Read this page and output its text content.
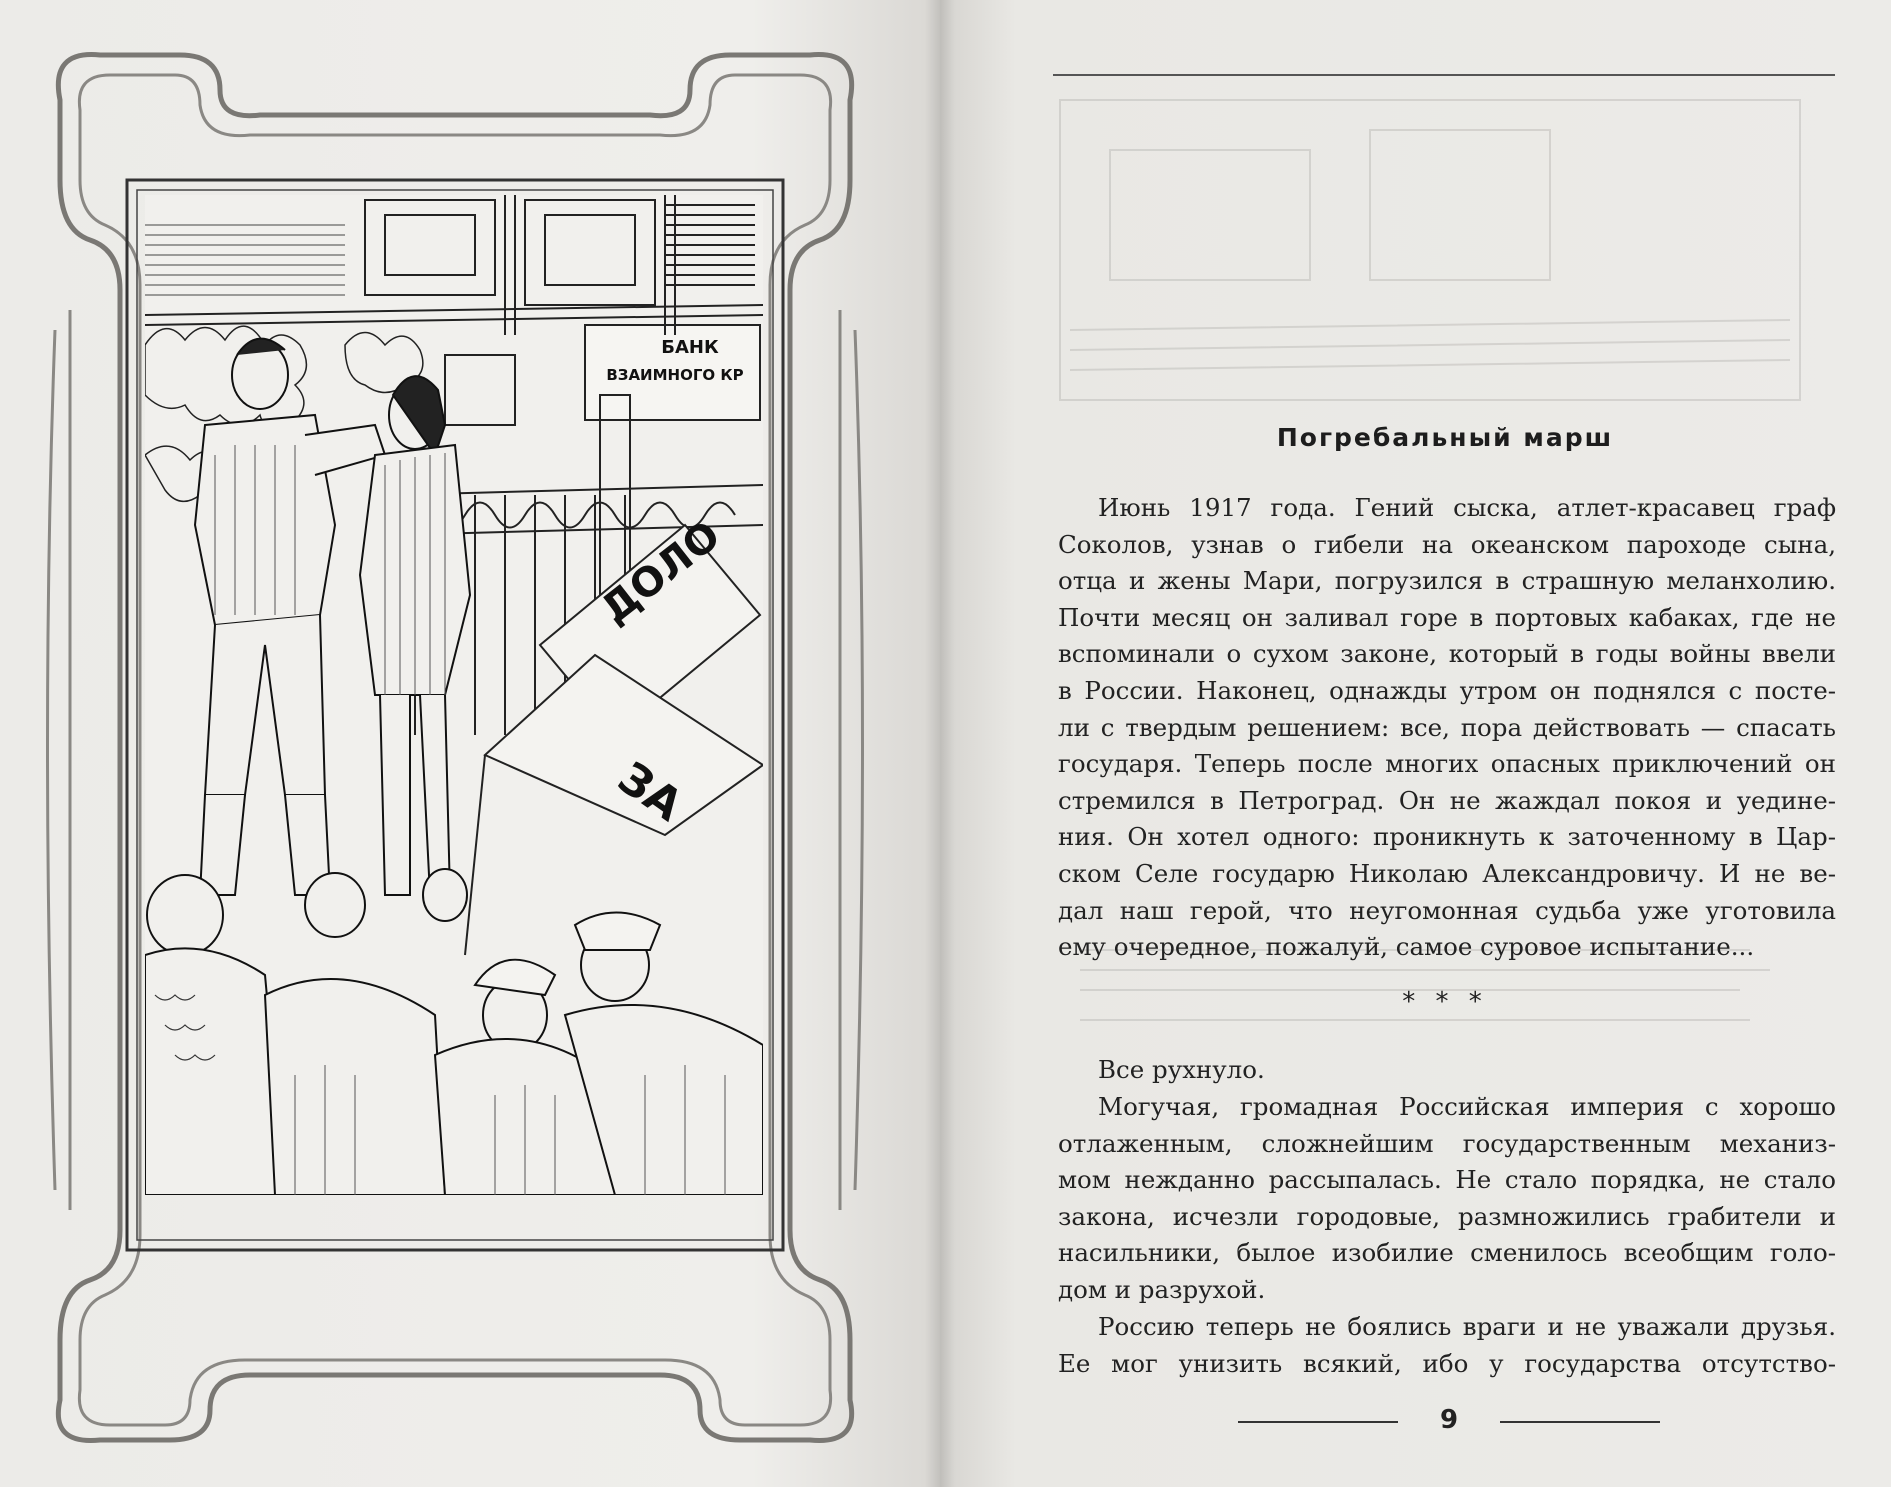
БАНК
ВЗАИМНОГО КР
ДОЛО
ЗА
Погребальный марш
Июнь 1917 года. Гений сыска, атлет-красавец граф
Соколов, узнав о гибели на океанском пароходе сына,
отца и жены Мари, погрузился в страшную меланхолию.
Почти месяц он заливал горе в портовых кабаках, где не
вспоминали о сухом законе, который в годы войны ввели
в России. Наконец, однажды утром он поднялся с посте-
ли с твердым решением: все, пора действовать — спасать
государя. Теперь после многих опасных приключений он
стремился в Петроград. Он не жаждал покоя и уедине-
ния. Он хотел одного: проникнуть к заточенному в Цар-
ском Селе государю Николаю Александровичу. И не ве-
дал наш герой, что неугомонная судьба уже уготовила
ему очередное, пожалуй, самое суровое испытание...
* * *
Все рухнуло.
Могучая, громадная Российская империя с хорошо
отлаженным, сложнейшим государственным механиз-
мом нежданно рассыпалась. Не стало порядка, не стало
закона, исчезли городовые, размножились грабители и
насильники, былое изобилие сменилось всеобщим голо-
дом и разрухой.
Россию теперь не боялись враги и не уважали друзья.
Ее мог унизить всякий, ибо у государства отсутство-
9
